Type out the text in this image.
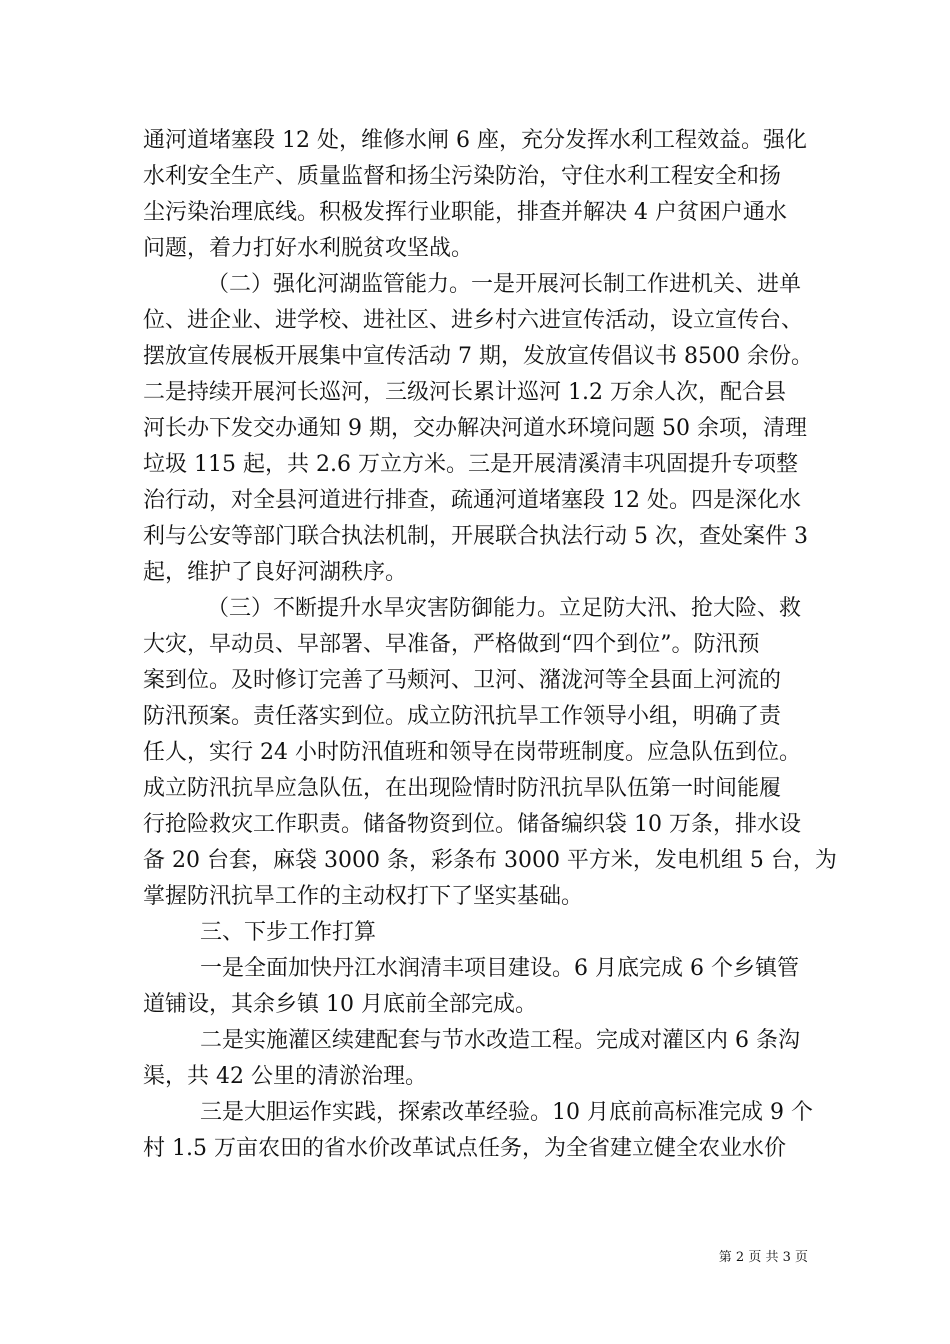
通河道堵塞段 12 处，维修水闸 6 座，充分发挥水利工程效益。强化
水利安全生产、质量监督和扬尘污染防治，守住水利工程安全和扬
尘污染治理底线。积极发挥行业职能，排查并解决 4 户贫困户通水
问题，着力打好水利脱贫攻坚战。
（二）强化河湖监管能力。一是开展河长制工作进机关、进单
位、进企业、进学校、进社区、进乡村六进宣传活动，设立宣传台、
摆放宣传展板开展集中宣传活动 7 期，发放宣传倡议书 8500 余份。
二是持续开展河长巡河，三级河长累计巡河 1.2 万余人次，配合县
河长办下发交办通知 9 期，交办解决河道水环境问题 50 余项，清理
垃圾 115 起，共 2.6 万立方米。三是开展清溪清丰巩固提升专项整
治行动，对全县河道进行排查，疏通河道堵塞段 12 处。四是深化水
利与公安等部门联合执法机制，开展联合执法行动 5 次，查处案件 3
起，维护了良好河湖秩序。
（三）不断提升水旱灾害防御能力。立足防大汛、抢大险、救
大灾，早动员、早部署、早准备，严格做到“四个到位”。防汛预
案到位。及时修订完善了马颊河、卫河、潴泷河等全县面上河流的
防汛预案。责任落实到位。成立防汛抗旱工作领导小组，明确了责
任人，实行 24 小时防汛值班和领导在岗带班制度。应急队伍到位。
成立防汛抗旱应急队伍，在出现险情时防汛抗旱队伍第一时间能履
行抢险救灾工作职责。储备物资到位。储备编织袋 10 万条，排水设
备 20 台套，麻袋 3000 条，彩条布 3000 平方米，发电机组 5 台，为
掌握防汛抗旱工作的主动权打下了坚实基础。
三、下步工作打算
一是全面加快丹江水润清丰项目建设。6 月底完成 6 个乡镇管
道铺设，其余乡镇 10 月底前全部完成。
二是实施灌区续建配套与节水改造工程。完成对灌区内 6 条沟
渠，共 42 公里的清淤治理。
三是大胆运作实践，探索改革经验。10 月底前高标准完成 9 个
村 1.5 万亩农田的省水价改革试点任务，为全省建立健全农业水价
第 2 页 共 3 页
